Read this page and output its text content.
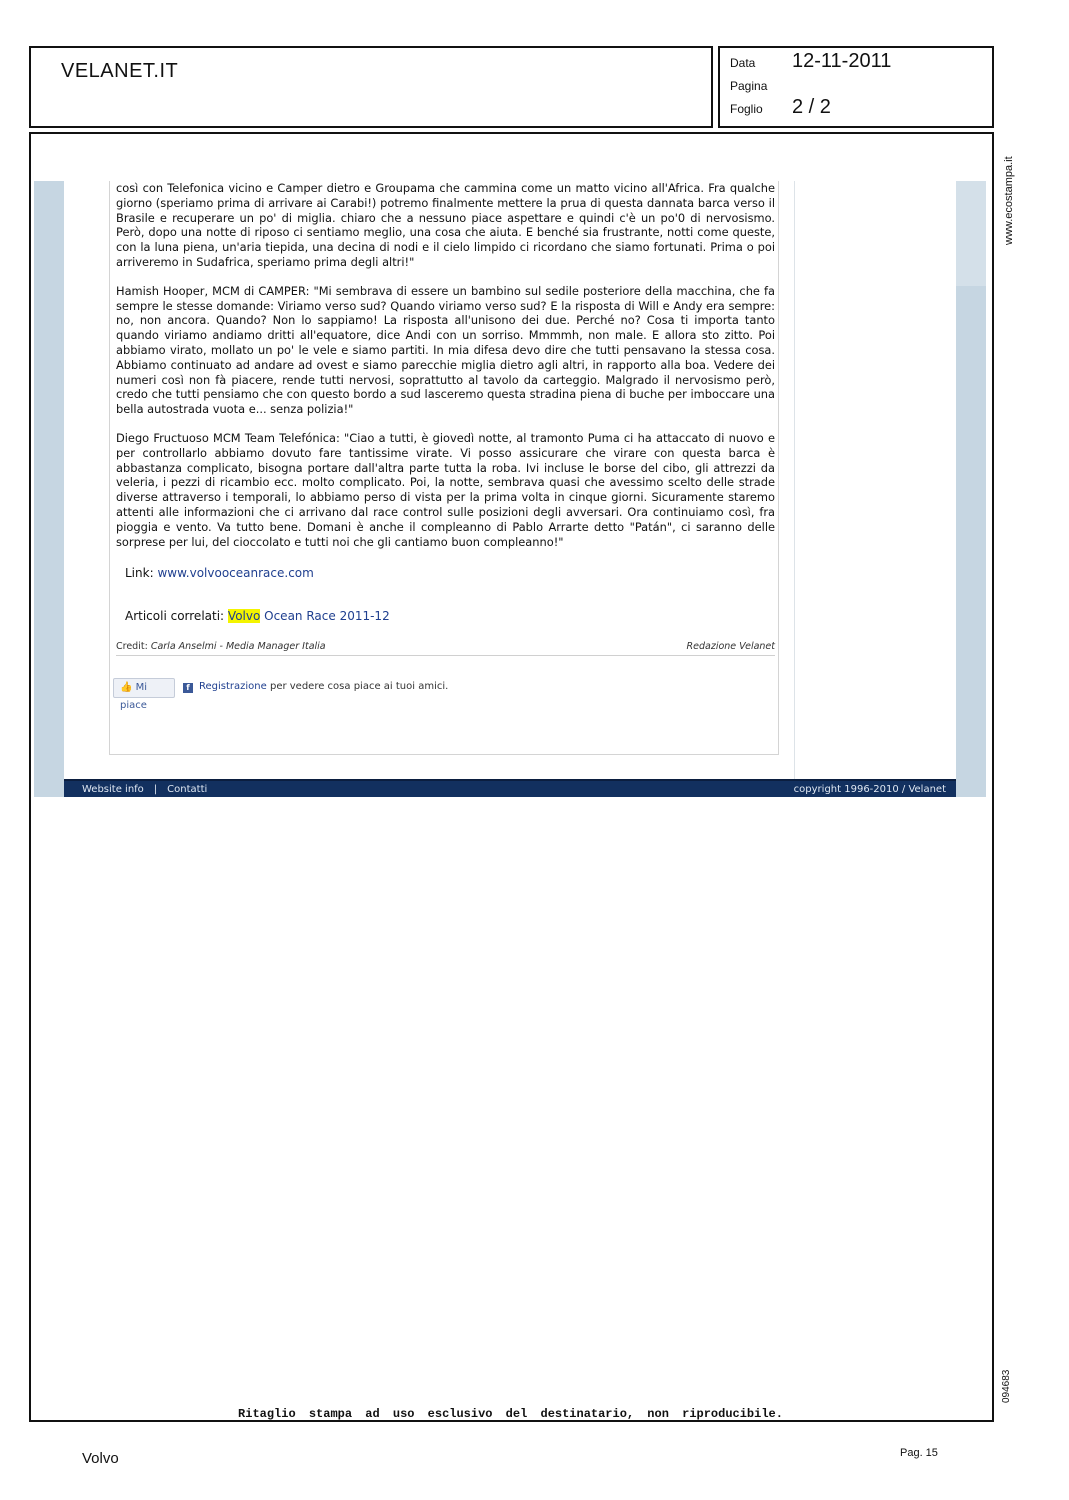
VELANET.IT	Data 12-11-2011
Pagina
Foglio 2 / 2

così con Telefonica vicino e Camper dietro e Groupama che cammina come un matto vicino all'Africa. Fra qualche giorno (speriamo prima di arrivare ai Carabi!) potremo finalmente mettere la prua di questa dannata barca verso il Brasile e recuperare un po' di miglia. chiaro che a nessuno piace aspettare e quindi c'è un po'0 di nervosismo. Però, dopo una notte di riposo ci sentiamo meglio, una cosa che aiuta. E benché sia frustrante, notti come queste, con la luna piena, un'aria tiepida, una decina di nodi e il cielo limpido ci ricordano che siamo fortunati. Prima o poi arriveremo in Sudafrica, speriamo prima degli altri!"

Hamish Hooper, MCM di CAMPER: "Mi sembrava di essere un bambino sul sedile posteriore della macchina, che fa sempre le stesse domande: Viriamo verso sud? Quando viriamo verso sud? E la risposta di Will e Andy era sempre: no, non ancora. Quando? Non lo sappiamo! La risposta all'unisono dei due. Perché no? Cosa ti importa tanto quando viriamo andiamo dritti all'equatore, dice Andi con un sorriso. Mmmmh, non male. E allora sto zitto. Poi abbiamo virato, mollato un po' le vele e siamo partiti. In mia difesa devo dire che tutti pensavano la stessa cosa. Abbiamo continuato ad andare ad ovest e siamo parecchie miglia dietro agli altri, in rapporto alla boa. Vedere dei numeri così non fà piacere, rende tutti nervosi, soprattutto al tavolo da carteggio. Malgrado il nervosismo però, credo che tutti pensiamo che con questo bordo a sud lasceremo questa stradina piena di buche per imboccare una bella autostrada vuota e... senza polizia!"

Diego Fructuoso MCM Team Telefónica: "Ciao a tutti, è giovedì notte, al tramonto Puma ci ha attaccato di nuovo e per controllarlo abbiamo dovuto fare tantissime virate. Vi posso assicurare che virare con questa barca è abbastanza complicato, bisogna portare dall'altra parte tutta la roba. Ivi incluse le borse del cibo, gli attrezzi da veleria, i pezzi di ricambio ecc. molto complicato. Poi, la notte, sembrava quasi che avessimo scelto delle strade diverse attraverso i temporali, lo abbiamo perso di vista per la prima volta in cinque giorni. Sicuramente staremo attenti alle informazioni che ci arrivano dal race control sulle posizioni degli avversari. Ora continuiamo così, fra pioggia e vento. Va tutto bene. Domani è anche il compleanno di Pablo Arrarte detto "Patán", ci saranno delle sorprese per lui, del cioccolato e tutti noi che gli cantiamo buon compleanno!"

Link: www.volvooceanrace.com
Articoli correlati: Volvo Ocean Race 2011-12
Credit: Carla Anselmi - Media Manager Italia	Redazione Velanet
👍 Mi piace
f Registrazione per vedere cosa piace ai tuoi amici.
Website info | Contatti	copyright 1996-2010 / Velanet
www.ecostampa.it
094683
Ritaglio stampa ad uso esclusivo del destinatario, non riproducibile.
Volvo	Pag. 15
